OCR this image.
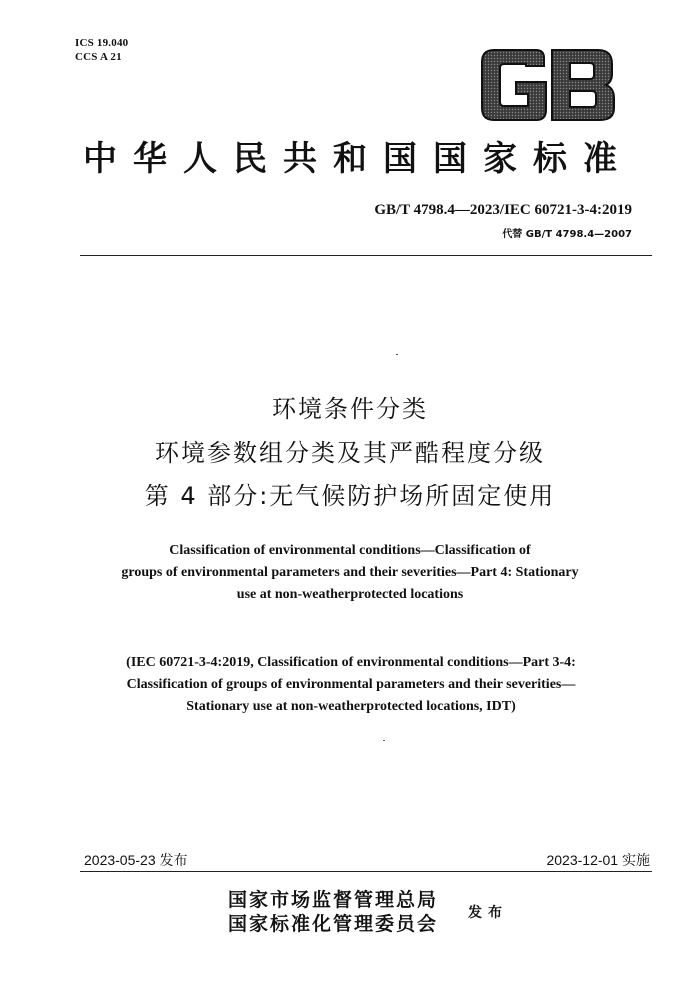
ICS 19.040
CCS A 21
中华人民共和国国家标准
GB/T 4798.4—2023/IEC 60721-3-4:2019
代替 GB/T 4798.4—2007
环境条件分类
环境参数组分类及其严酷程度分级
第 4 部分:无气候防护场所固定使用
Classification of environmental conditions—Classification of
groups of environmental parameters and their severities—Part 4: Stationary
use at non-weatherprotected locations
(IEC 60721-3-4:2019, Classification of environmental conditions—Part 3-4:
Classification of groups of environmental parameters and their severities—
Stationary use at non-weatherprotected locations, IDT)
2023-05-23 发布	2023-12-01 实施
国家市场监督管理总局
国家标准化管理委员会 发布
